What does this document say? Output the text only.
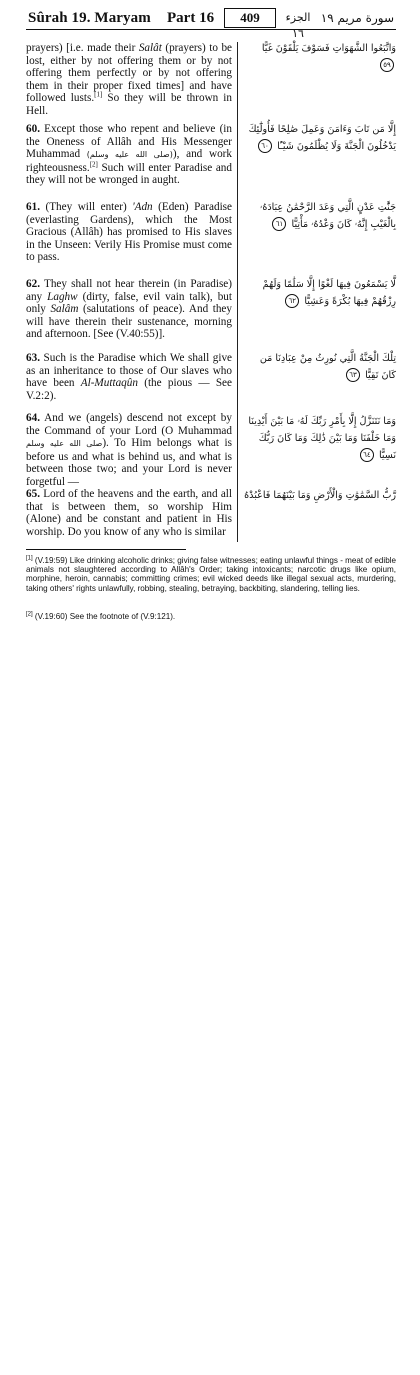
Sûrah 19. Maryam Part 16	409	الجزء ١٦
سورة مريم ١٩
prayers) [i.e. made their Salât (prayers) to be lost, either by not offering them or by not offering them perfectly or by not offering them in their proper fixed times] and have followed lusts.[1] So they will be thrown in Hell.
وَاتَّبَعُوا الشَّهَوَاتِ فَسَوْفَ يَلْقَوْنَ غَيًّا ٥٩
60. Except those who repent and believe (in the Oneness of Allâh and His Messenger Muhammad (صلى الله عليه وسلم)), and work righteousness.[2] Such will enter Paradise and they will not be wronged in aught.
إِلَّا مَن تَابَ وَءَامَنَ وَعَمِلَ صَٰلِحًا فَأُولَٰٓئِكَ يَدْخُلُونَ الْجَنَّةَ وَلَا يُظْلَمُونَ شَيْـًٔا ٦٠
61. (They will enter) 'Adn (Eden) Paradise (everlasting Gardens), which the Most Gracious (Allâh) has promised to His slaves in the Unseen: Verily His Promise must come to pass.
جَنَّٰتِ عَدْنٍ الَّتِي وَعَدَ الرَّحْمَٰنُ عِبَادَهُۥ بِالْغَيْبِ إِنَّهُۥ كَانَ وَعْدُهُۥ مَأْتِيًّا ٦١
62. They shall not hear therein (in Paradise) any Laghw (dirty, false, evil vain talk), but only Salâm (salutations of peace). And they will have therein their sustenance, morning and afternoon. [See (V.40:55)].
لَّا يَسْمَعُونَ فِيهَا لَغْوًا إِلَّا سَلَٰمًا وَلَهُمْ رِزْقُهُمْ فِيهَا بُكْرَةً وَعَشِيًّا ٦٢
63. Such is the Paradise which We shall give as an inheritance to those of Our slaves who have been Al-Muttaqûn (the pious — See V.2:2).
تِلْكَ الْجَنَّةُ الَّتِي نُورِثُ مِنْ عِبَادِنَا مَن كَانَ تَقِيًّا ٦٣
64. And we (angels) descend not except by the Command of your Lord (O Muhammad صلى الله عليه وسلم). To Him belongs what is before us and what is behind us, and what is between those two; and your Lord is never forgetful —
وَمَا نَتَنَزَّلُ إِلَّا بِأَمْرِ رَبِّكَ لَهُۥ مَا بَيْنَ أَيْدِينَا وَمَا خَلْفَنَا وَمَا بَيْنَ ذَٰلِكَ وَمَا كَانَ رَبُّكَ نَسِيًّا ٦٤
65. Lord of the heavens and the earth, and all that is between them, so worship Him (Alone) and be constant and patient in His worship. Do you know of any who is similar
رَّبُّ السَّمَٰوَٰتِ وَالْأَرْضِ وَمَا بَيْنَهُمَا فَاعْبُدْهُ
[1] (V.19:59) Like drinking alcoholic drinks; giving false witnesses; eating unlawful things - meat of edible animals not slaughtered according to Allâh's Order; taking intoxicants; narcotic drugs like opium, morphine, heroin, cannabis; committing crimes; evil wicked deeds like illegal sexual acts, murdering, taking others' rights unlawfully, robbing, stealing, betraying, backbiting, slandering, telling lies.
[2] (V.19:60) See the footnote of (V.9:121).
